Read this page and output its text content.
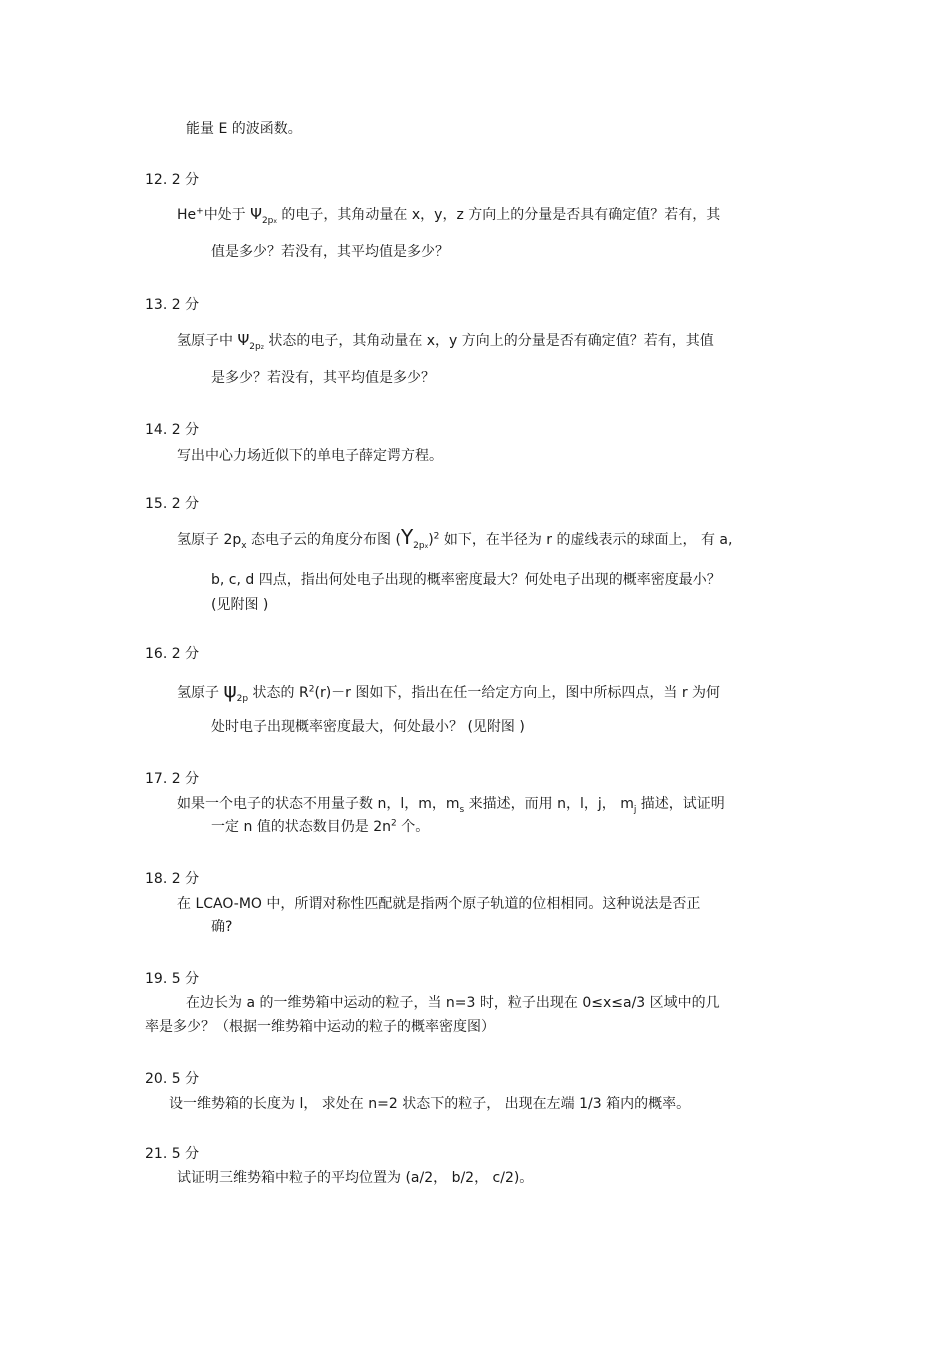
能量 E 的波函数。
12. 2 分
He+中处于 $\Psi_{2px}$ 的电子，其角动量在 x，y，z 方向上的分量是否具有确定值？若有，其
值是多少？若没有，其平均值是多少？
13. 2 分
氢原子中 $\Psi_{2pz}$ 状态的电子，其角动量在 x，y 方向上的分量是否有确定值？若有，其值
是多少？若没有，其平均值是多少？
14. 2 分
写出中心力场近似下的单电子薛定谔方程。
15. 2 分
氢原子 $2p_x$ 态电子云的角度分布图 $(Y_{2px})^2$ 如下，在半径为 r 的虚线表示的球面上， 有 a,
b, c, d 四点，指出何处电子出现的概率密度最大？何处电子出现的概率密度最小？
(见附图 )
16. 2 分
氢原子 $\psi_{2p}$ 状态的 $R^2(r)-r$ 图如下，指出在任一给定方向上，图中所标四点，当 r 为何
处时电子出现概率密度最大，何处最小？ (见附图 )
17. 2 分
如果一个电子的状态不用量子数 n，l，m，$m_s$ 来描述，而用 n，l，j， $m_j$ 描述，试证明
一定 n 值的状态数目仍是 $2n^2$ 个。
18. 2 分
在 LCAO-MO 中，所谓对称性匹配就是指两个原子轨道的位相相同。这种说法是否正
确?
19. 5 分
在边长为 a 的一维势箱中运动的粒子，当 n=3 时，粒子出现在 0≤x≤a/3 区域中的几
率是多少？（根据一维势箱中运动的粒子的概率密度图）
20. 5 分
设一维势箱的长度为 l， 求处在 n=2 状态下的粒子， 出现在左端 1/3 箱内的概率。
21. 5 分
试证明三维势箱中粒子的平均位置为 (a/2， b/2， c/2)。
